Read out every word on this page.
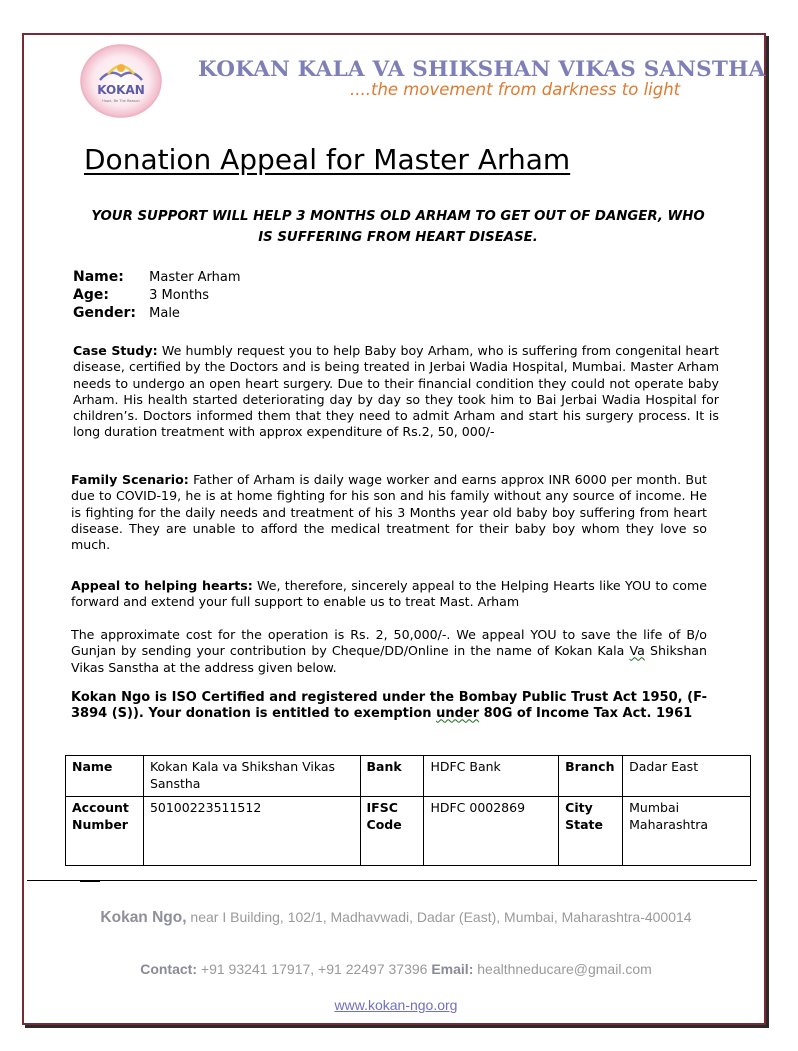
KOKAN
Hope, Be The Reason
KOKAN KALA VA SHIKSHAN VIKAS SANSTHA
....the movement from darkness to light
Donation Appeal for Master Arham
YOUR SUPPORT WILL HELP 3 MONTHS OLD ARHAM TO GET OUT OF DANGER, WHO IS SUFFERING FROM HEART DISEASE.
Name: Master Arham
Age:	3 Months
Gender: Male
Case Study: We humbly request you to help Baby boy Arham, who is suffering from congenital heart disease, certified by the Doctors and is being treated in Jerbai Wadia Hospital, Mumbai. Master Arham needs to undergo an open heart surgery. Due to their financial condition they could not operate baby Arham. His health started deteriorating day by day so they took him to Bai Jerbai Wadia Hospital for children’s. Doctors informed them that they need to admit Arham and start his surgery process. It is long duration treatment with approx expenditure of Rs.2, 50, 000/-
Family Scenario: Father of Arham is daily wage worker and earns approx INR 6000 per month. But due to COVID-19, he is at home fighting for his son and his family without any source of income. He is fighting for the daily needs and treatment of his 3 Months year old baby boy suffering from heart disease. They are unable to afford the medical treatment for their baby boy whom they love so much.
Appeal to helping hearts: We, therefore, sincerely appeal to the Helping Hearts like YOU to come forward and extend your full support to enable us to treat Mast. Arham
The approximate cost for the operation is Rs. 2, 50,000/-. We appeal YOU to save the life of B/o Gunjan by sending your contribution by Cheque/DD/Online in the name of Kokan Kala Va Shikshan Vikas Sanstha at the address given below.
Kokan Ngo is ISO Certified and registered under the Bombay Public Trust Act 1950, (F-3894 (S)). Your donation is entitled to exemption under 80G of Income Tax Act. 1961
Name	Kokan Kala va Shikshan Vikas Sanstha	Bank	HDFC Bank	Branch	Dadar East
Account Number	50100223511512	IFSC Code	HDFC 0002869	City State	Mumbai Maharashtra
Kokan Ngo, near I Building, 102/1, Madhavwadi, Dadar (East), Mumbai, Maharashtra-400014
Contact: +91 93241 17917, +91 22497 37396 Email: healthneducare@gmail.com
www.kokan-ngo.org
